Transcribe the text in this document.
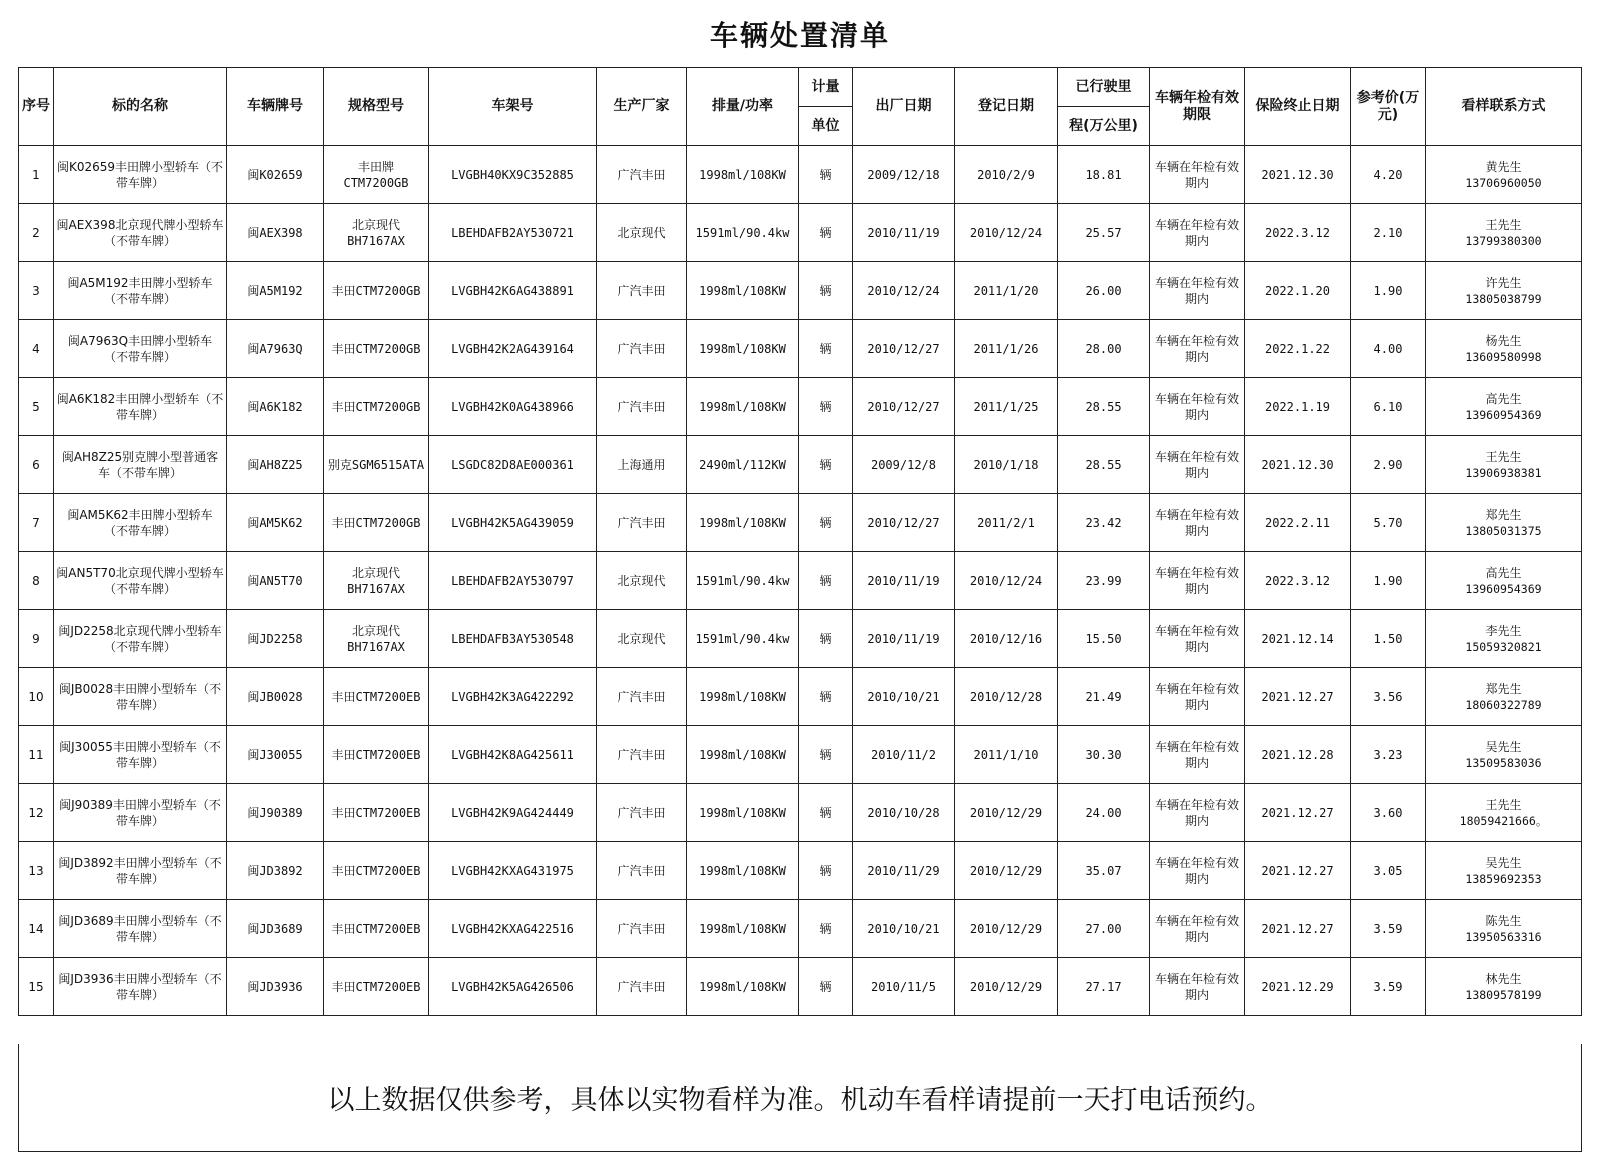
车辆处置清单
序号	标的名称	车辆牌号	规格型号	车架号	生产厂家	排量/功率	计量	出厂日期	登记日期	已行驶里	车辆年检有效期限	保险终止日期	参考价(万元)	看样联系方式
							单位			程(万公里)				
1	闽K02659丰田牌小型轿车（不带车牌）	闽K02659	丰田牌CTM7200GB	LVGBH40KX9C352885	广汽丰田	1998ml/108KW	辆	2009/12/18	2010/2/9	18.81	车辆在年检有效期内	2021.12.30	4.20	黄先生
13706960050

2	闽AEX398北京现代牌小型轿车（不带车牌）	闽AEX398	北京现代 BH7167AX	LBEHDAFB2AY530721	北京现代	1591ml/90.4kw	辆	2010/11/19	2010/12/24	25.57	车辆在年检有效期内	2022.3.12	2.10	王先生
13799380300

3	闽A5M192丰田牌小型轿车（不带车牌）	闽A5M192	丰田CTM7200GB	LVGBH42K6AG438891	广汽丰田	1998ml/108KW	辆	2010/12/24	2011/1/20	26.00	车辆在年检有效期内	2022.1.20	1.90	许先生
13805038799

4	闽A7963Q丰田牌小型轿车（不带车牌）	闽A7963Q	丰田CTM7200GB	LVGBH42K2AG439164	广汽丰田	1998ml/108KW	辆	2010/12/27	2011/1/26	28.00	车辆在年检有效期内	2022.1.22	4.00	杨先生
13609580998

5	闽A6K182丰田牌小型轿车（不带车牌）	闽A6K182	丰田CTM7200GB	LVGBH42K0AG438966	广汽丰田	1998ml/108KW	辆	2010/12/27	2011/1/25	28.55	车辆在年检有效期内	2022.1.19	6.10	高先生
13960954369

6	闽AH8Z25别克牌小型普通客车（不带车牌）	闽AH8Z25	别克SGM6515ATA	LSGDC82D8AE000361	上海通用	2490ml/112KW	辆	2009/12/8	2010/1/18	28.55	车辆在年检有效期内	2021.12.30	2.90	王先生
13906938381

7	闽AM5K62丰田牌小型轿车（不带车牌）	闽AM5K62	丰田CTM7200GB	LVGBH42K5AG439059	广汽丰田	1998ml/108KW	辆	2010/12/27	2011/2/1	23.42	车辆在年检有效期内	2022.2.11	5.70	郑先生
13805031375

8	闽AN5T70北京现代牌小型轿车（不带车牌）	闽AN5T70	北京现代 BH7167AX	LBEHDAFB2AY530797	北京现代	1591ml/90.4kw	辆	2010/11/19	2010/12/24	23.99	车辆在年检有效期内	2022.3.12	1.90	高先生
13960954369

9	闽JD2258北京现代牌小型轿车（不带车牌）	闽JD2258	北京现代 BH7167AX	LBEHDAFB3AY530548	北京现代	1591ml/90.4kw	辆	2010/11/19	2010/12/16	15.50	车辆在年检有效期内	2021.12.14	1.50	李先生
15059320821

10	闽JB0028丰田牌小型轿车（不带车牌）	闽JB0028	丰田CTM7200EB	LVGBH42K3AG422292	广汽丰田	1998ml/108KW	辆	2010/10/21	2010/12/28	21.49	车辆在年检有效期内	2021.12.27	3.56	郑先生
18060322789

11	闽J30055丰田牌小型轿车（不带车牌）	闽J30055	丰田CTM7200EB	LVGBH42K8AG425611	广汽丰田	1998ml/108KW	辆	2010/11/2	2011/1/10	30.30	车辆在年检有效期内	2021.12.28	3.23	吴先生
13509583036

12	闽J90389丰田牌小型轿车（不带车牌）	闽J90389	丰田CTM7200EB	LVGBH42K9AG424449	广汽丰田	1998ml/108KW	辆	2010/10/28	2010/12/29	24.00	车辆在年检有效期内	2021.12.27	3.60	王先生
18059421666。

13	闽JD3892丰田牌小型轿车（不带车牌）	闽JD3892	丰田CTM7200EB	LVGBH42KXAG431975	广汽丰田	1998ml/108KW	辆	2010/11/29	2010/12/29	35.07	车辆在年检有效期内	2021.12.27	3.05	吴先生
13859692353

14	闽JD3689丰田牌小型轿车（不带车牌）	闽JD3689	丰田CTM7200EB	LVGBH42KXAG422516	广汽丰田	1998ml/108KW	辆	2010/10/21	2010/12/29	27.00	车辆在年检有效期内	2021.12.27	3.59	陈先生
13950563316

15	闽JD3936丰田牌小型轿车（不带车牌）	闽JD3936	丰田CTM7200EB	LVGBH42K5AG426506	广汽丰田	1998ml/108KW	辆	2010/11/5	2010/12/29	27.17	车辆在年检有效期内	2021.12.29	3.59	林先生
13809578199
以上数据仅供参考，具体以实物看样为准。机动车看样请提前一天打电话预约。
